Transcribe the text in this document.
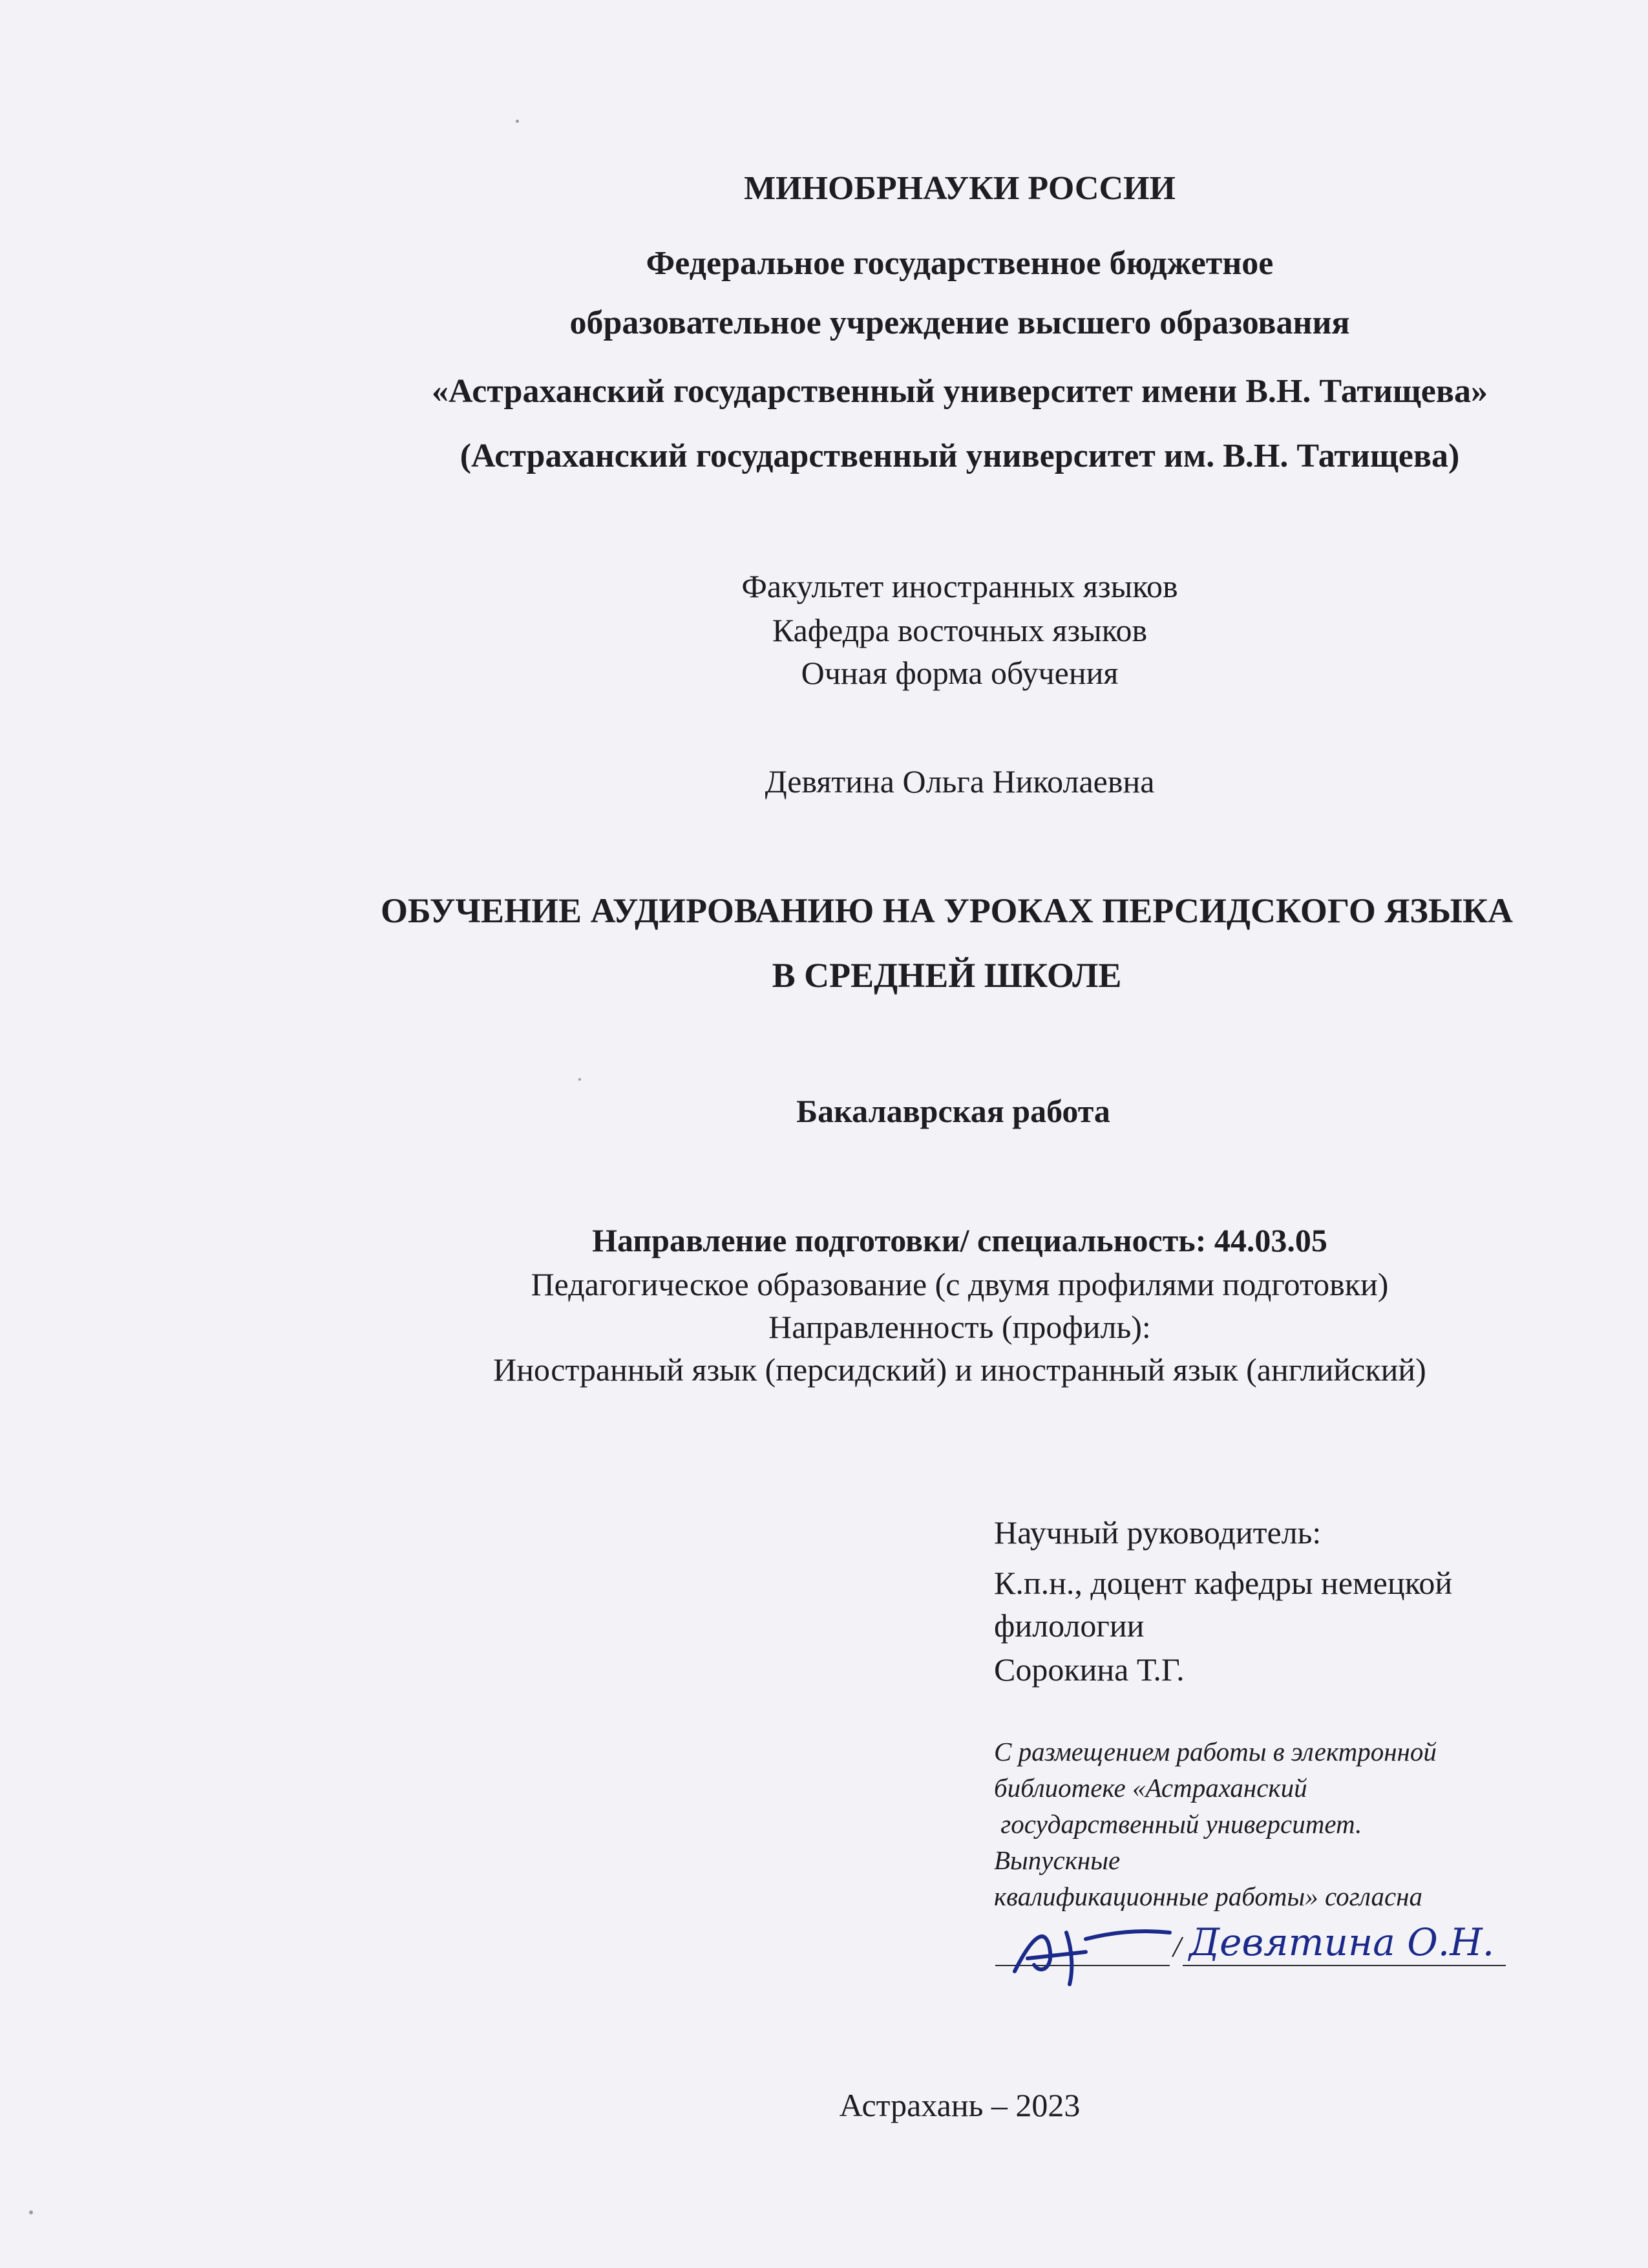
МИНОБРНАУКИ РОССИИ
Федеральное государственное бюджетное
образовательное учреждение высшего образования
«Астраханский государственный университет имени В.Н. Татищева»
(Астраханский государственный университет им. В.Н. Татищева)
Факультет иностранных языков
Кафедра восточных языков
Очная форма обучения
Девятина Ольга Николаевна
ОБУЧЕНИЕ АУДИРОВАНИЮ НА УРОКАХ ПЕРСИДСКОГО ЯЗЫКА
В СРЕДНЕЙ ШКОЛЕ
Бакалаврская работа
Направление подготовки/ специальность: 44.03.05
Педагогическое образование (с двумя профилями подготовки)
Направленность (профиль):
Иностранный язык (персидский) и иностранный язык (английский)
Научный руководитель:
К.п.н., доцент кафедры немецкой
филологии
Сорокина Т.Г.
С размещением работы в электронной
библиотеке «Астраханский
государственный университет.
Выпускные
квалификационные работы» согласна
/ Девятина О.Н.
Астрахань – 2023
